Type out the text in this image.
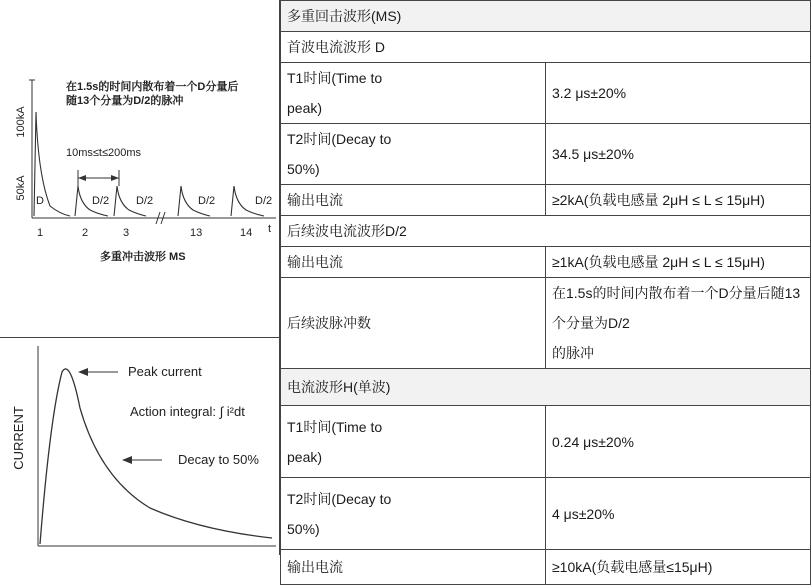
100kA
50kA
在1.5s的时间内散布着一个D分量后
随13个分量为D/2的脉冲
10ms≤t≤200ms
D	D/2 D/2	D/2	D/2
1	2	3	13	14 t
多重冲击波形 MS
CURRENT
Peak current
Action integral: ∫ i²dt
Decay to 50%
多重回击波形(MS)	
首波电流波形 D	
T1时间(Time to
peak)	3.2 μs±20%
T2时间(Decay to
50%)	34.5 μs±20%
输出电流	≥2kA(负载电感量 2μH ≤ L ≤ 15μH)
后续波电流波形D/2	
输出电流	≥1kA(负载电感量 2μH ≤ L ≤ 15μH)
后续波脉冲数	在1.5s的时间内散布着一个D分量后随13个分量为D/2
的脉冲
电流波形H(单波)	
T1时间(Time to
peak)	0.24 μs±20%
T2时间(Decay to
50%)	4 μs±20%
输出电流	≥10kA(负载电感量≤15μH)
